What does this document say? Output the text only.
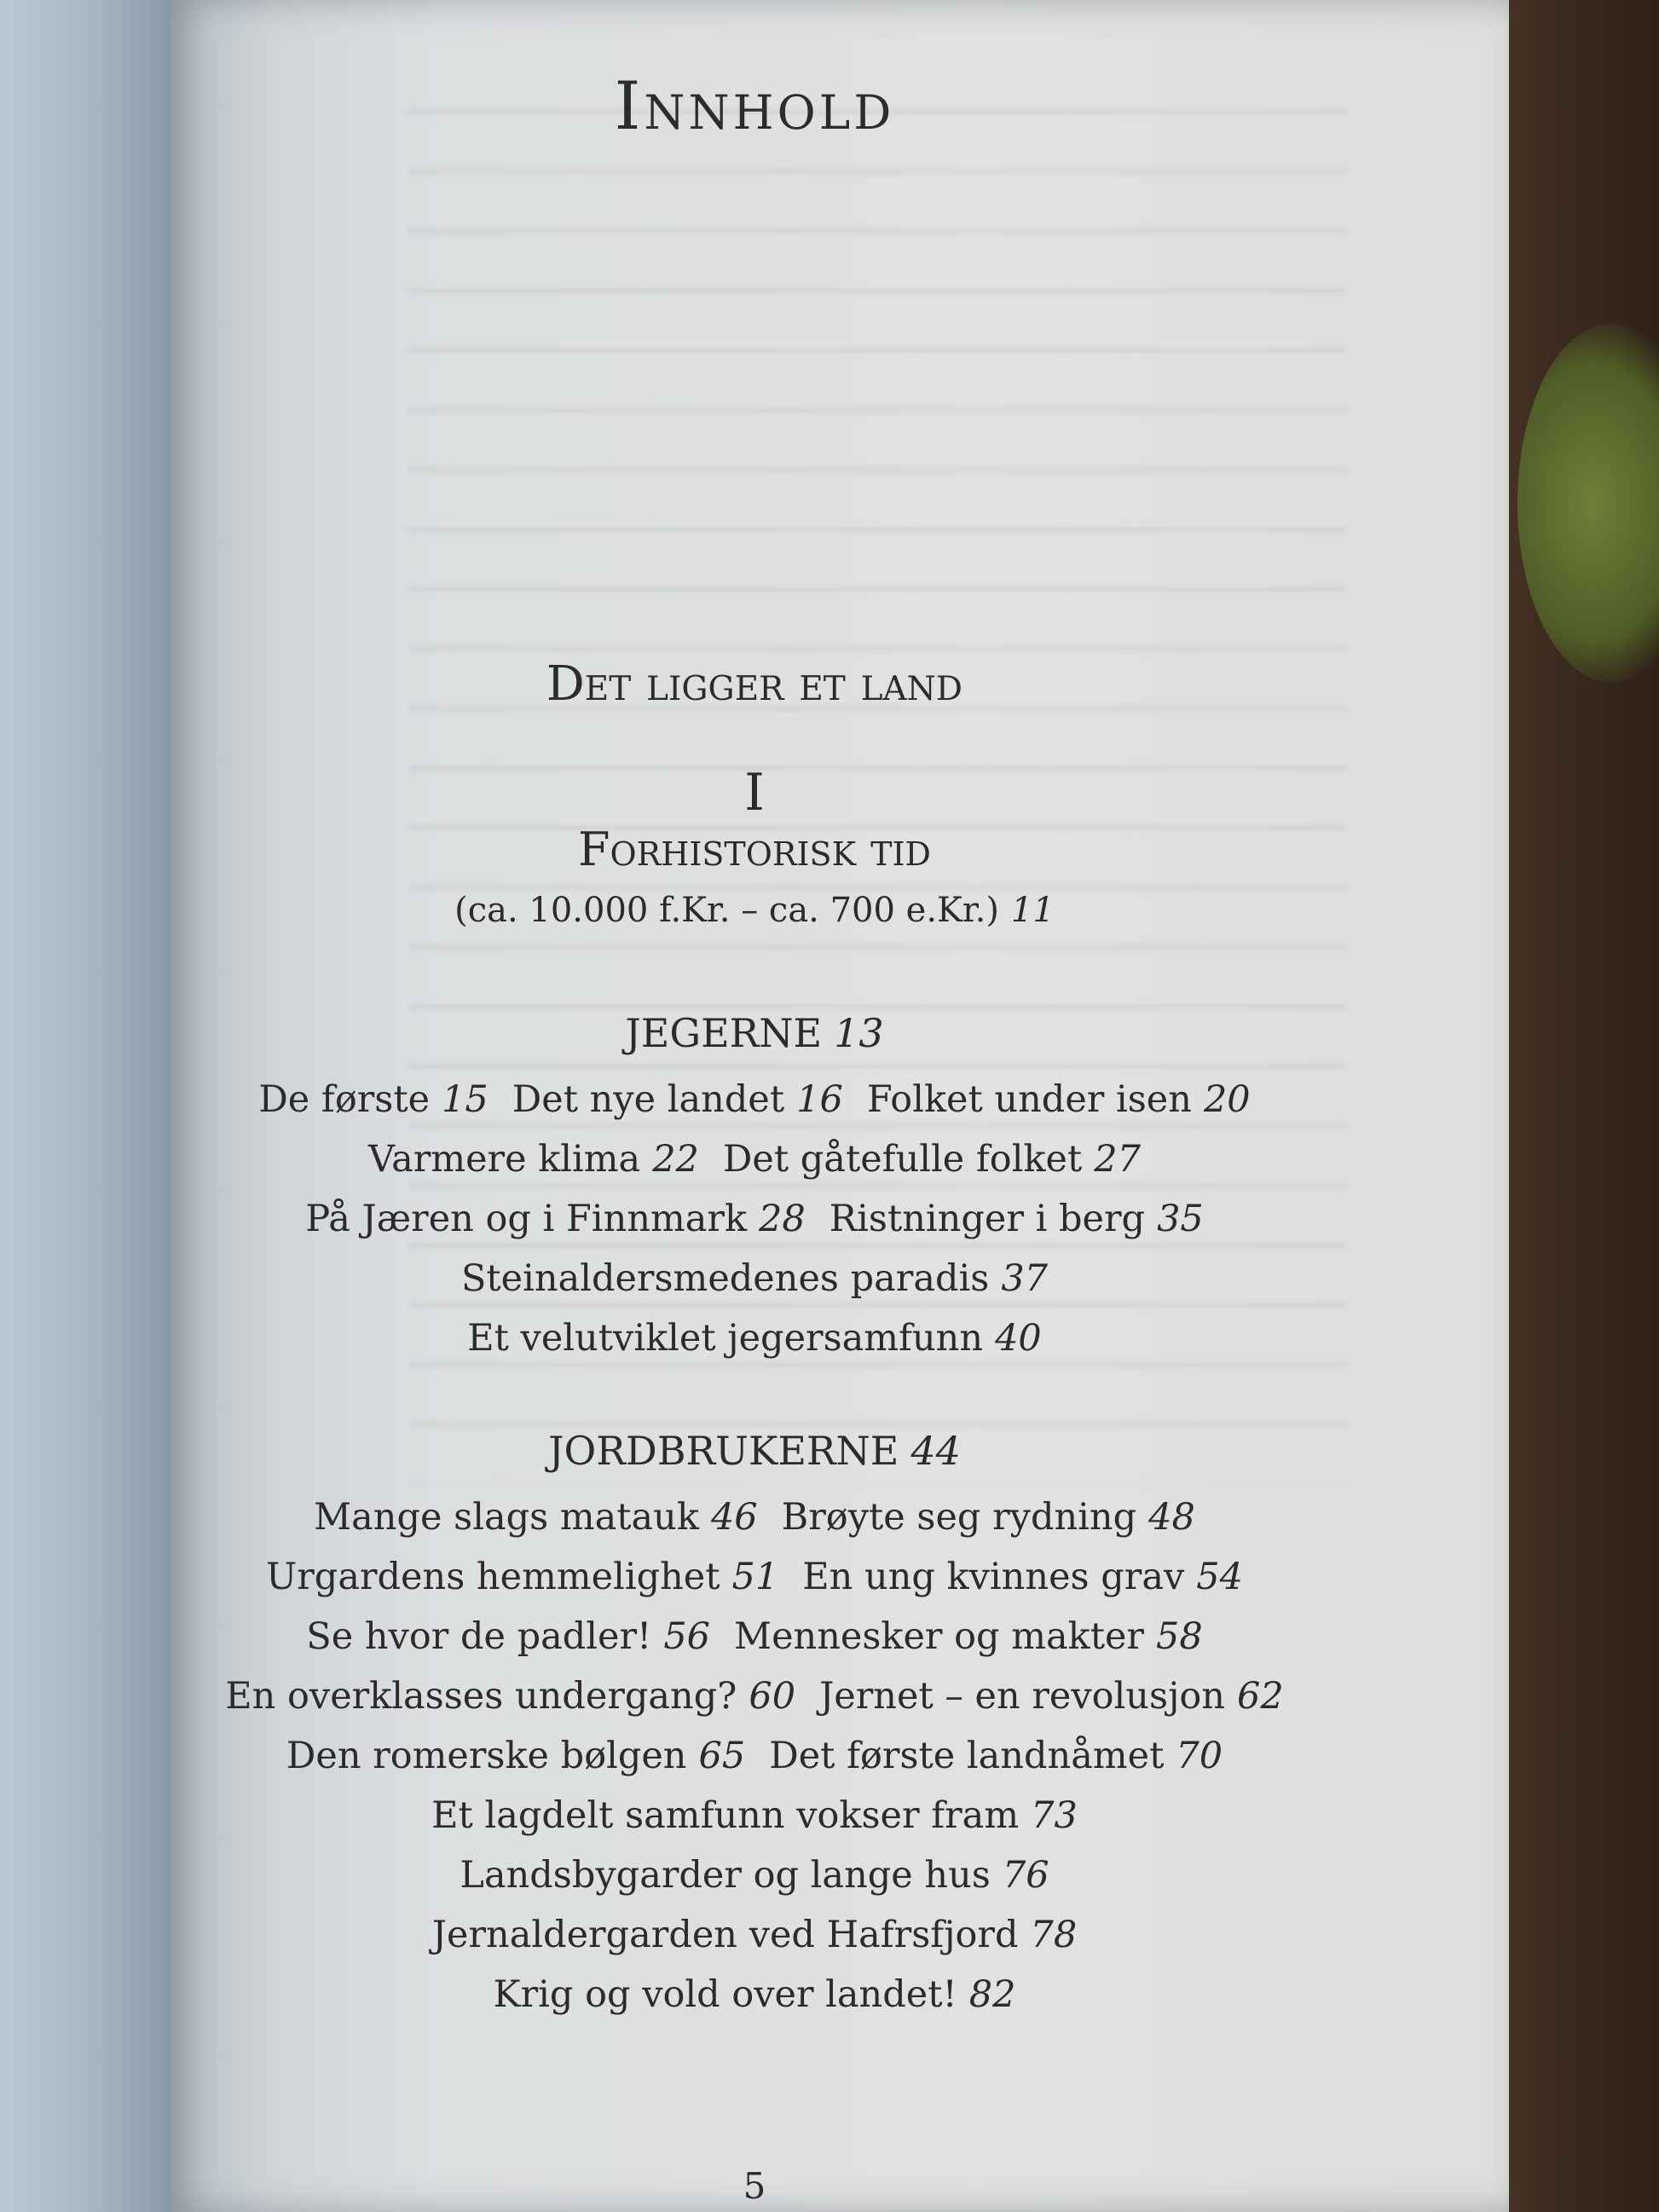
Innhold
Det ligger et land
I
Forhistorisk tid
(ca. 10.000 f.Kr. – ca. 700 e.Kr.) 11
JEGERNE 13
De første 15 Det nye landet 16 Folket under isen 20
Varmere klima 22 Det gåtefulle folket 27
På Jæren og i Finnmark 28 Ristninger i berg 35
Steinaldersmedenes paradis 37
Et velutviklet jegersamfunn 40
JORDBRUKERNE 44
Mange slags matauk 46 Brøyte seg rydning 48
Urgardens hemmelighet 51 En ung kvinnes grav 54
Se hvor de padler! 56 Mennesker og makter 58
En overklasses undergang? 60 Jernet – en revolusjon 62
Den romerske bølgen 65 Det første landnåmet 70
Et lagdelt samfunn vokser fram 73
Landsbygarder og lange hus 76
Jernaldergarden ved Hafrsfjord 78
Krig og vold over landet! 82
5
